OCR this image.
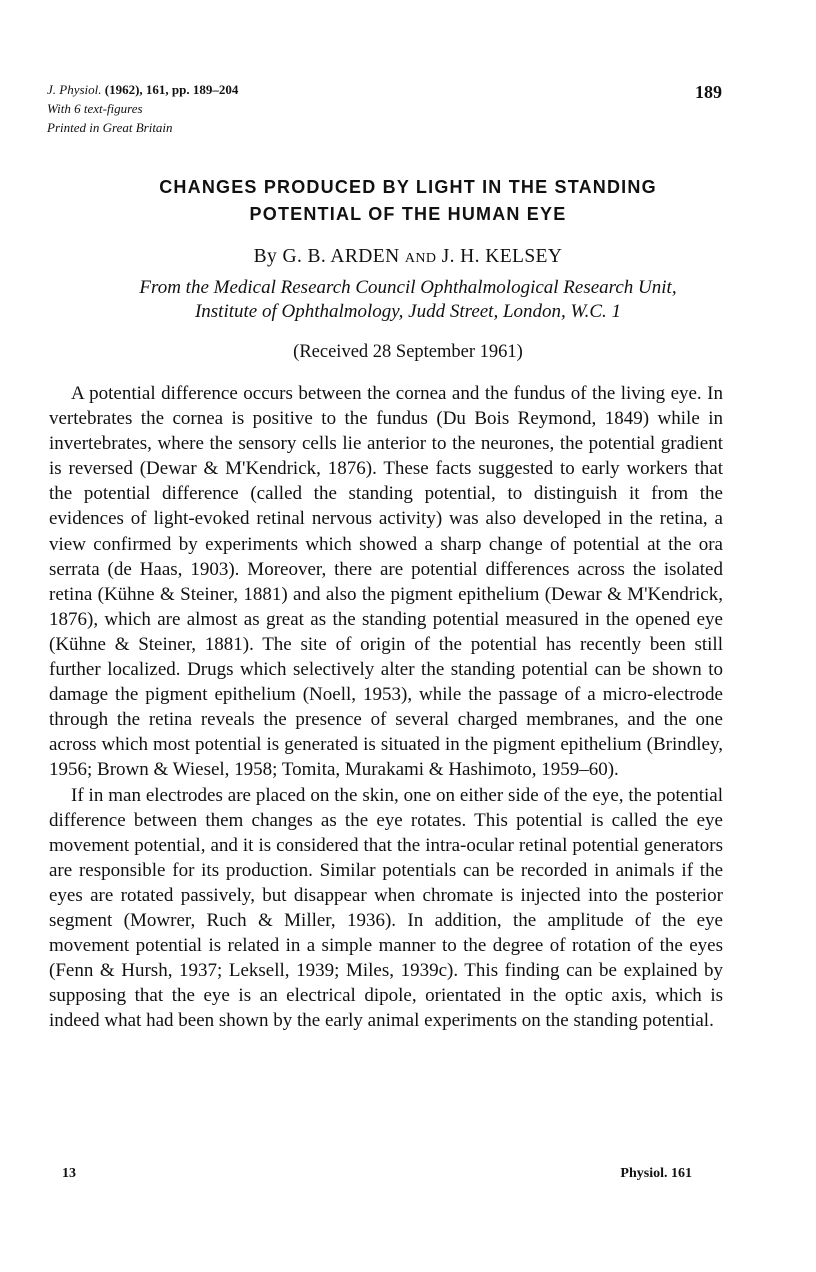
J. Physiol. (1962), 161, pp. 189–204
With 6 text-figures
Printed in Great Britain
189
CHANGES PRODUCED BY LIGHT IN THE STANDING
POTENTIAL OF THE HUMAN EYE
By G. B. ARDEN AND J. H. KELSEY
From the Medical Research Council Ophthalmological Research Unit,
Institute of Ophthalmology, Judd Street, London, W.C. 1
(Received 28 September 1961)

A potential difference occurs between the cornea and the fundus of the living eye. In vertebrates the cornea is positive to the fundus (Du Bois Reymond, 1849) while in invertebrates, where the sensory cells lie anterior to the neurones, the potential gradient is reversed (Dewar & M'Kendrick, 1876). These facts suggested to early workers that the potential difference (called the standing potential, to distinguish it from the evidences of light-evoked retinal nervous activity) was also developed in the retina, a view confirmed by experiments which showed a sharp change of potential at the ora serrata (de Haas, 1903). Moreover, there are potential differences across the isolated retina (Kühne & Steiner, 1881) and also the pigment epithelium (Dewar & M'Kendrick, 1876), which are almost as great as the standing potential measured in the opened eye (Kühne & Steiner, 1881). The site of origin of the potential has recently been still further localized. Drugs which selectively alter the standing potential can be shown to damage the pigment epithelium (Noell, 1953), while the passage of a micro-electrode through the retina reveals the presence of several charged membranes, and the one across which most potential is generated is situated in the pigment epithelium (Brindley, 1956; Brown & Wiesel, 1958; Tomita, Murakami & Hashimoto, 1959–60).

If in man electrodes are placed on the skin, one on either side of the eye, the potential difference between them changes as the eye rotates. This potential is called the eye movement potential, and it is considered that the intra-ocular retinal potential generators are responsible for its production. Similar potentials can be recorded in animals if the eyes are rotated passively, but disappear when chromate is injected into the posterior segment (Mowrer, Ruch & Miller, 1936). In addition, the amplitude of the eye movement potential is related in a simple manner to the degree of rotation of the eyes (Fenn & Hursh, 1937; Leksell, 1939; Miles, 1939c). This finding can be explained by supposing that the eye is an electrical dipole, orientated in the optic axis, which is indeed what had been shown by the early animal experiments on the standing potential.

13	Physiol. 161
